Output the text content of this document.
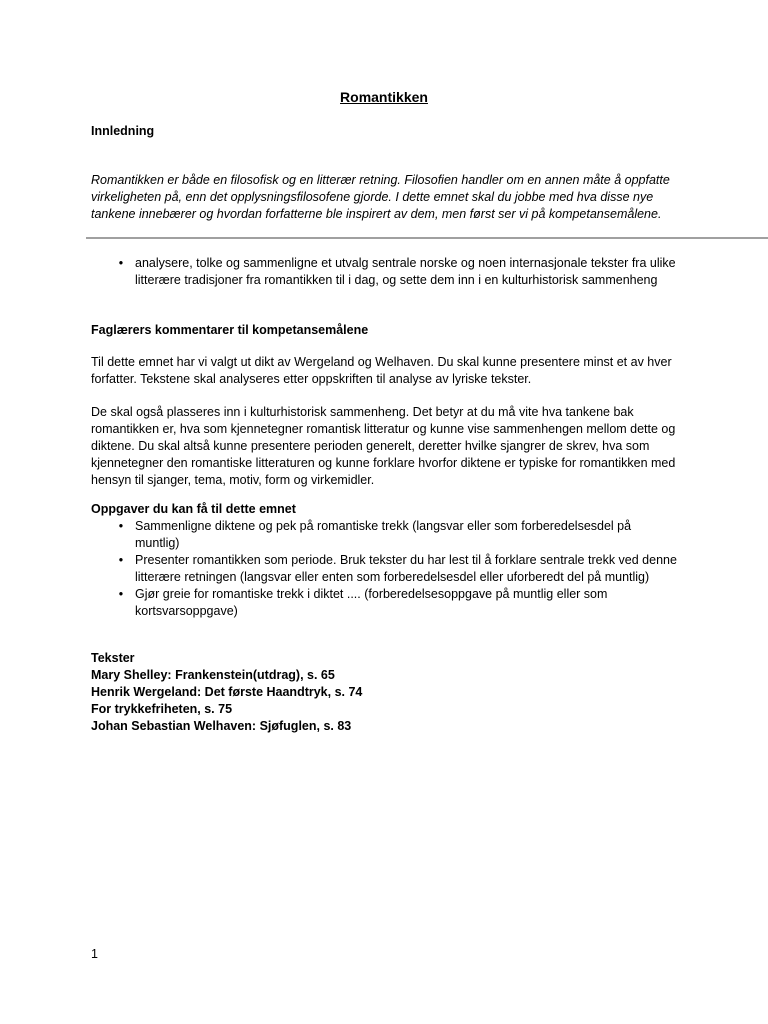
Romantikken
Innledning
Romantikken er både en filosofisk og en litterær retning. Filosofien handler om en annen måte å oppfatte virkeligheten på, enn det opplysningsfilosofene gjorde. I dette emnet skal du jobbe med hva disse nye tankene innebærer og hvordan forfatterne ble inspirert av dem, men først ser vi på kompetansemålene.
• analysere, tolke og sammenligne et utvalg sentrale norske og noen internasjonale tekster fra ulike litterære tradisjoner fra romantikken til i dag, og sette dem inn i en kulturhistorisk sammenheng
Faglærers kommentarer til kompetansemålene
Til dette emnet har vi valgt ut dikt av Wergeland og Welhaven. Du skal kunne presentere minst et av hver forfatter. Tekstene skal analyseres etter oppskriften til analyse av lyriske tekster.
De skal også plasseres inn i kulturhistorisk sammenheng. Det betyr at du må vite hva tankene bak romantikken er, hva som kjennetegner romantisk litteratur og kunne vise sammenhengen mellom dette og diktene. Du skal altså kunne presentere perioden generelt, deretter hvilke sjangrer de skrev, hva som kjennetegner den romantiske litteraturen og kunne forklare hvorfor diktene er typiske for romantikken med hensyn til sjanger, tema, motiv, form og virkemidler.
Oppgaver du kan få til dette emnet
• Sammenligne diktene og pek på romantiske trekk (langsvar eller som forberedelsesdel på muntlig)
• Presenter romantikken som periode. Bruk tekster du har lest til å forklare sentrale trekk ved denne litterære retningen (langsvar eller enten som forberedelsesdel eller uforberedt del på muntlig)
• Gjør greie for romantiske trekk i diktet .... (forberedelsesoppgave på muntlig eller som kortsvarsoppgave)
Tekster
Mary Shelley: Frankenstein(utdrag), s. 65
Henrik Wergeland: Det første Haandtryk, s. 74
For trykkefriheten, s. 75
Johan Sebastian Welhaven: Sjøfuglen, s. 83
1
